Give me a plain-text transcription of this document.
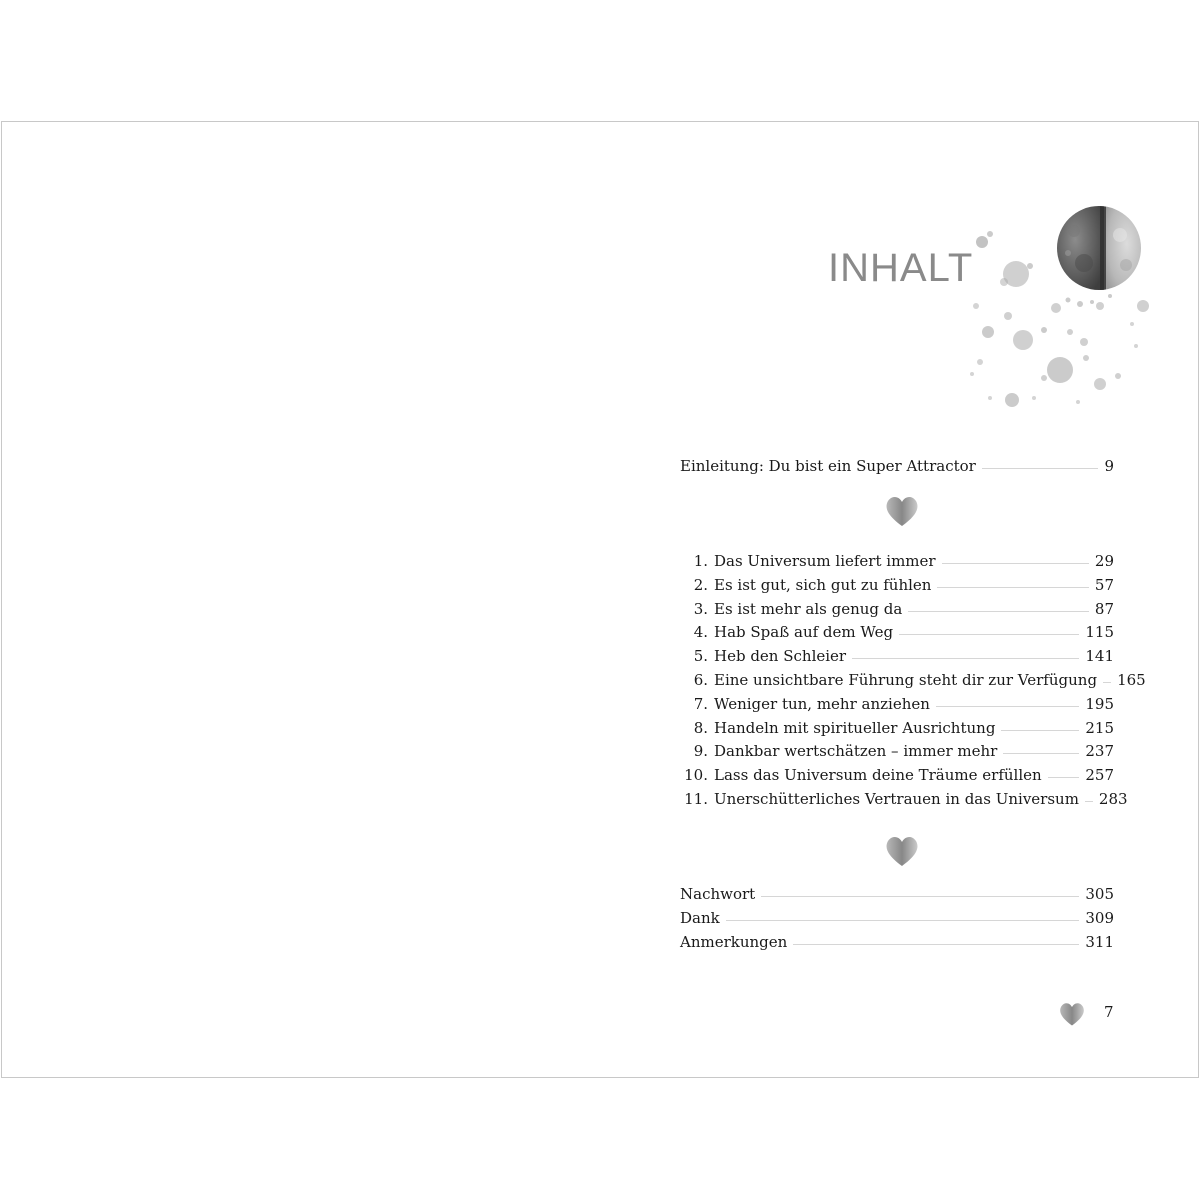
INHALT
Einleitung: Du bist ein Super Attractor	9
1. Das Universum liefert immer	29
2. Es ist gut, sich gut zu fühlen	57
3. Es ist mehr als genug da	87
4. Hab Spaß auf dem Weg	115
5. Heb den Schleier	141
6. Eine unsichtbare Führung steht dir zur Verfügung 165
7. Weniger tun, mehr anziehen	195
8. Handeln mit spiritueller Ausrichtung	215
9. Dankbar wertschätzen – immer mehr	237
10. Lass das Universum deine Träume erfüllen	257
11. Unerschütterliches Vertrauen in das Universum 283
Nachwort	305
Dank	309
Anmerkungen	311
7
